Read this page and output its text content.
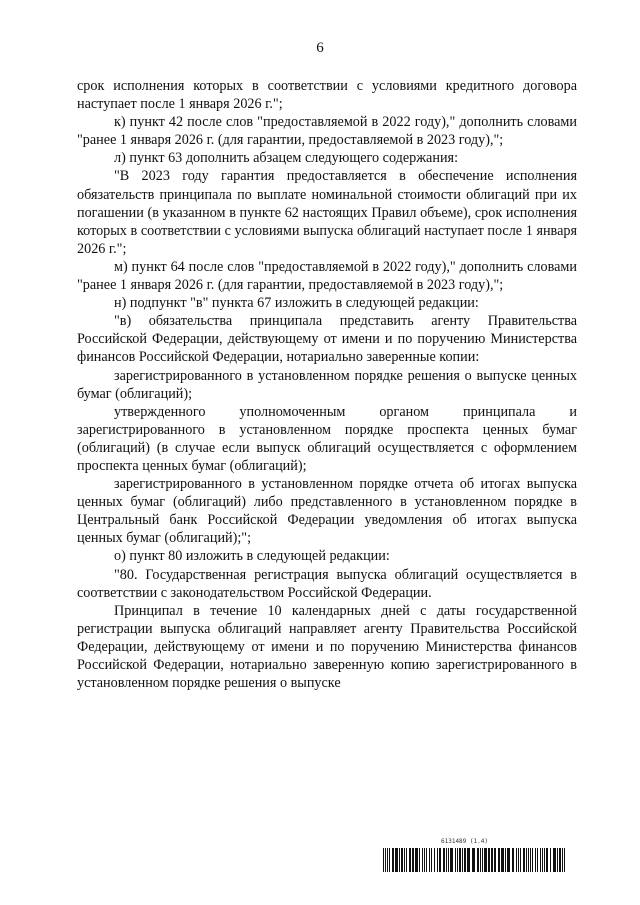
6

срок исполнения которых в соответствии с условиями кредитного договора наступает после 1 января 2026 г.";

к) пункт 42 после слов "предоставляемой в 2022 году)," дополнить словами "ранее 1 января 2026 г. (для гарантии, предоставляемой в 2023 году),";

л) пункт 63 дополнить абзацем следующего содержания:

"В 2023 году гарантия предоставляется в обеспечение исполнения обязательств принципала по выплате номинальной стоимости облигаций при их погашении (в указанном в пункте 62 настоящих Правил объеме), срок исполнения которых в соответствии с условиями выпуска облигаций наступает после 1 января 2026 г.";

м) пункт 64 после слов "предоставляемой в 2022 году)," дополнить словами "ранее 1 января 2026 г. (для гарантии, предоставляемой в 2023 году),";

н) подпункт "в" пункта 67 изложить в следующей редакции:

"в) обязательства принципала представить агенту Правительства Российской Федерации, действующему от имени и по поручению Министерства финансов Российской Федерации, нотариально заверенные копии:

зарегистрированного в установленном порядке решения о выпуске ценных бумаг (облигаций);

утвержденного уполномоченным органом принципала и зарегистрированного в установленном порядке проспекта ценных бумаг (облигаций) (в случае если выпуск облигаций осуществляется с оформлением проспекта ценных бумаг (облигаций);

зарегистрированного в установленном порядке отчета об итогах выпуска ценных бумаг (облигаций) либо представленного в установленном порядке в Центральный банк Российской Федерации уведомления об итогах выпуска ценных бумаг (облигаций);";

о) пункт 80 изложить в следующей редакции:

"80. Государственная регистрация выпуска облигаций осуществляется в соответствии с законодательством Российской Федерации.

Принципал в течение 10 календарных дней с даты государственной регистрации выпуска облигаций направляет агенту Правительства Российской Федерации, действующему от имени и по поручению Министерства финансов Российской Федерации, нотариально заверенную копию зарегистрированного в установленном порядке решения о выпуске

6131489 (1.4)
